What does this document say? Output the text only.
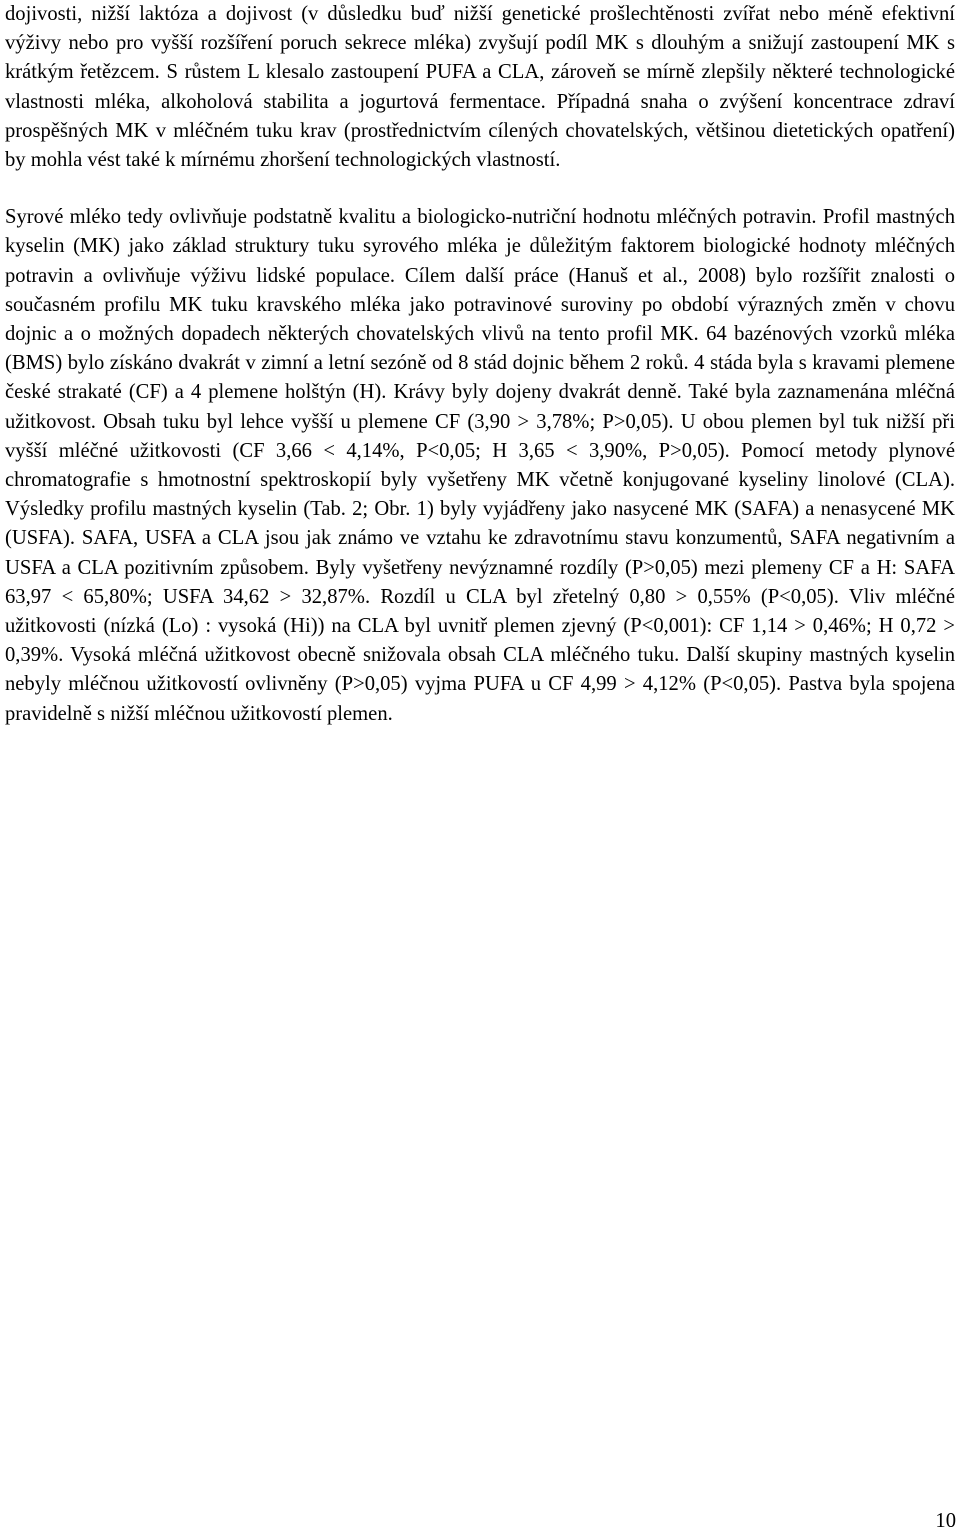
dojivosti, nižší laktóza a dojivost (v důsledku buď nižší genetické prošlechtěnosti zvířat nebo méně efektivní výživy nebo pro vyšší rozšíření poruch sekrece mléka) zvyšují podíl MK s dlouhým a snižují zastoupení MK s krátkým řetězcem. S růstem L klesalo zastoupení PUFA a CLA, zároveň se mírně zlepšily některé technologické vlastnosti mléka, alkoholová stabilita a jogurtová fermentace. Případná snaha o zvýšení koncentrace zdraví prospěšných MK v mléčném tuku krav (prostřednictvím cílených chovatelských, většinou dietetických opatření) by mohla vést také k mírnému zhoršení technologických vlastností.

Syrové mléko tedy ovlivňuje podstatně kvalitu a biologicko-nutriční hodnotu mléčných potravin. Profil mastných kyselin (MK) jako základ struktury tuku syrového mléka je důležitým faktorem biologické hodnoty mléčných potravin a ovlivňuje výživu lidské populace. Cílem další práce (Hanuš et al., 2008) bylo rozšířit znalosti o současném profilu MK tuku kravského mléka jako potravinové suroviny po období výrazných změn v chovu dojnic a o možných dopadech některých chovatelských vlivů na tento profil MK. 64 bazénových vzorků mléka (BMS) bylo získáno dvakrát v zimní a letní sezóně od 8 stád dojnic během 2 roků. 4 stáda byla s kravami plemene české strakaté (CF) a 4 plemene holštýn (H). Krávy byly dojeny dvakrát denně. Také byla zaznamenána mléčná užitkovost. Obsah tuku byl lehce vyšší u plemene CF (3,90 > 3,78%; P>0,05). U obou plemen byl tuk nižší při vyšší mléčné užitkovosti (CF 3,66 < 4,14%, P<0,05; H 3,65 < 3,90%, P>0,05). Pomocí metody plynové chromatografie s hmotnostní spektroskopií byly vyšetřeny MK včetně konjugované kyseliny linolové (CLA). Výsledky profilu mastných kyselin (Tab. 2; Obr. 1) byly vyjádřeny jako nasycené MK (SAFA) a nenasycené MK (USFA). SAFA, USFA a CLA jsou jak známo ve vztahu ke zdravotnímu stavu konzumentů, SAFA negativním a USFA a CLA pozitivním způsobem. Byly vyšetřeny nevýznamné rozdíly (P>0,05) mezi plemeny CF a H: SAFA 63,97 < 65,80%; USFA 34,62 > 32,87%. Rozdíl u CLA byl zřetelný 0,80 > 0,55% (P<0,05). Vliv mléčné užitkovosti (nízká (Lo) : vysoká (Hi)) na CLA byl uvnitř plemen zjevný (P<0,001): CF 1,14 > 0,46%; H 0,72 > 0,39%. Vysoká mléčná užitkovost obecně snižovala obsah CLA mléčného tuku. Další skupiny mastných kyselin nebyly mléčnou užitkovostí ovlivněny (P>0,05) vyjma PUFA u CF 4,99 > 4,12% (P<0,05). Pastva byla spojena pravidelně s nižší mléčnou užitkovostí plemen.

10
